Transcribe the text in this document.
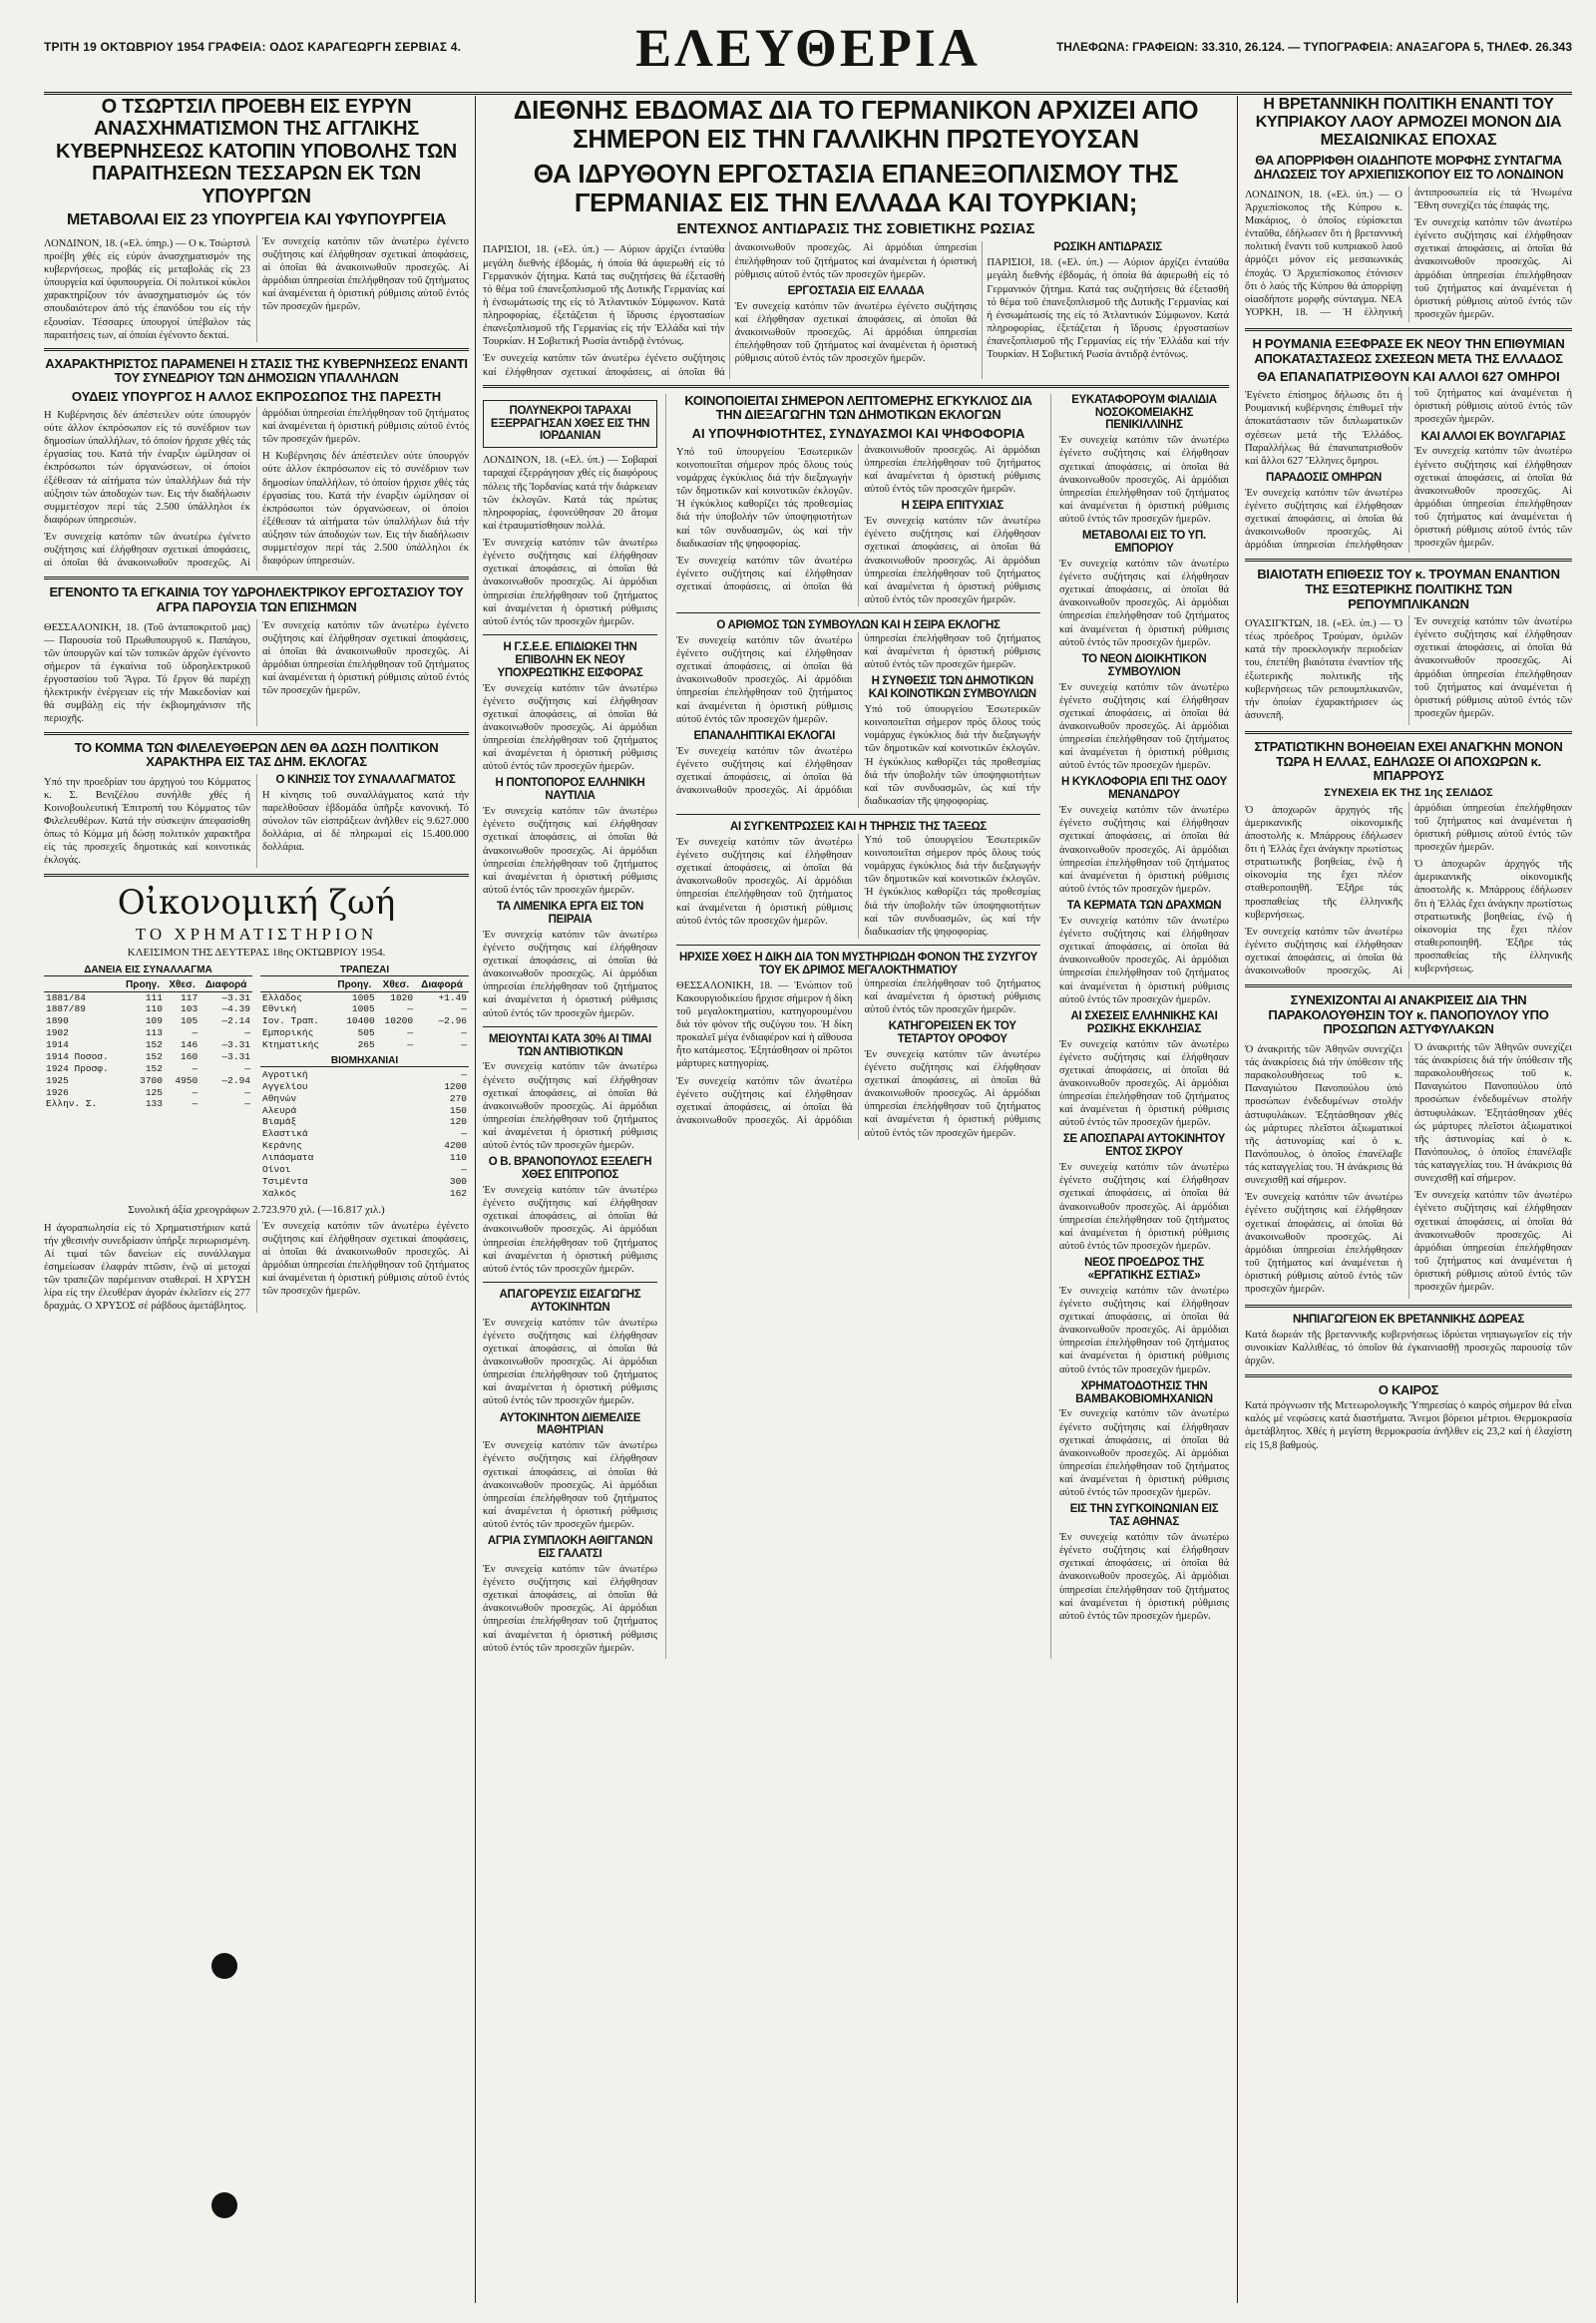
ΤΡΙΤΗ 19 ΟΚΤΩΒΡΙΟΥ 1954 ΓΡΑΦΕΙΑ: ΟΔΟΣ ΚΑΡΑΓΕΩΡΓΗ ΣΕΡΒΙΑΣ 4.	ΕΛΕΥΘΕΡΙΑ	ΤΗΛΕΦΩΝΑ: ΓΡΑΦΕΙΩΝ: 33.310, 26.124. — ΤΥΠΟΓΡΑΦΕΙΑ: ΑΝΑΞΑΓΟΡΑ 5, ΤΗΛΕΦ. 26.343
Ο ΤΣΩΡΤΣΙΛ ΠΡΟΕΒΗ ΕΙΣ ΕΥΡΥΝ ΑΝΑΣΧΗΜΑΤΙΣΜΟΝ ΤΗΣ ΑΓΓΛΙΚΗΣ ΚΥΒΕΡΝΗΣΕΩΣ ΚΑΤΟΠΙΝ ΥΠΟΒΟΛΗΣ ΤΩΝ ΠΑΡΑΙΤΗΣΕΩΝ ΤΕΣΣΑΡΩΝ ΕΚ ΤΩΝ ΥΠΟΥΡΓΩΝ
ΜΕΤΑΒΟΛΑΙ ΕΙΣ 23 ΥΠΟΥΡΓΕΙΑ ΚΑΙ ΥΦΥΠΟΥΡΓΕΙΑ

ΛΟΝΔΙΝΟΝ, 18. («Ελ. ύπηρ.) — Ο κ. Τσώρτσιλ προέβη χθές είς εύρύν άνασχηματισμόν της κυβερνήσεως, προβάς είς μεταβολάς είς 23 ύπουργεία καί ύφυπουργεία. Οί πολιτικοί κύκλοι χαρακτηρίζουν τόν άνασχηματισμόν ώς τόν σπουδαιότερον άπό τής έπανόδου του είς τήν εξουσίαν. Τέσσαρες ύπουργοί ύπέβαλον τάς παραιτήσεις των, αί όποίαι έγένοντο δεκταί.

Ἐν συνεχείᾳ κατόπιν τῶν ἀνωτέρω ἐγένετο συζήτησις καί ἐλήφθησαν σχετικαί ἀποφάσεις, αἱ ὁποῖαι θά ἀνακοινωθοῦν προσεχῶς. Αἱ ἁρμόδιαι ὑπηρεσίαι ἐπελήφθησαν τοῦ ζητήματος καί ἀναμένεται ἡ ὁριστική ρύθμισις αὐτοῦ ἐντός τῶν προσεχῶν ἡμερῶν.

ΑΧΑΡΑΚΤΗΡΙΣΤΟΣ ΠΑΡΑΜΕΝΕΙ Η ΣΤΑΣΙΣ ΤΗΣ ΚΥΒΕΡΝΗΣΕΩΣ ΕΝΑΝΤΙ ΤΟΥ ΣΥΝΕΔΡΙΟΥ ΤΩΝ ΔΗΜΟΣΙΩΝ ΥΠΑΛΛΗΛΩΝ
ΟΥΔΕΙΣ ΥΠΟΥΡΓΟΣ Η ΑΛΛΟΣ ΕΚΠΡΟΣΩΠΟΣ ΤΗΣ ΠΑΡΕΣΤΗ

Η Κυβέρνησις δέν άπέστειλεν ούτε ύπουργόν ούτε άλλον έκπρόσωπον είς τό συνέδριον των δημοσίων ύπαλλήλων, τό όποίον ήρχισε χθές τάς έργασίας του. Κατά τήν έναρξιν ώμίλησαν οί έκπρόσωποι τών όργανώσεων, οί όποίοι έξέθεσαν τά αίτήματα τών ύπαλλήλων διά τήν αύξησιν τών άποδοχών των. Εις τήν διαδήλωσιν συμμετέσχον περί τάς 2.500 ύπάλληλοι έκ διαφόρων ύπηρεσιών.

Ἐν συνεχείᾳ κατόπιν τῶν ἀνωτέρω ἐγένετο συζήτησις καί ἐλήφθησαν σχετικαί ἀποφάσεις, αἱ ὁποῖαι θά ἀνακοινωθοῦν προσεχῶς. Αἱ ἁρμόδιαι ὑπηρεσίαι ἐπελήφθησαν τοῦ ζητήματος καί ἀναμένεται ἡ ὁριστική ρύθμισις αὐτοῦ ἐντός τῶν προσεχῶν ἡμερῶν.

Η Κυβέρνησις δέν άπέστειλεν ούτε ύπουργόν ούτε άλλον έκπρόσωπον είς τό συνέδριον των δημοσίων ύπαλλήλων, τό όποίον ήρχισε χθές τάς έργασίας του. Κατά τήν έναρξιν ώμίλησαν οί έκπρόσωποι τών όργανώσεων, οί όποίοι έξέθεσαν τά αίτήματα τών ύπαλλήλων διά τήν αύξησιν τών άποδοχών των. Εις τήν διαδήλωσιν συμμετέσχον περί τάς 2.500 ύπάλληλοι έκ διαφόρων ύπηρεσιών.

ΕΓΕΝΟΝΤΟ ΤΑ ΕΓΚΑΙΝΙΑ ΤΟΥ ΥΔΡΟΗΛΕΚΤΡΙΚΟΥ ΕΡΓΟΣΤΑΣΙΟΥ ΤΟΥ ΑΓΡΑ ΠΑΡΟΥΣΙΑ ΤΩΝ ΕΠΙΣΗΜΩΝ

ΘΕΣΣΑΛΟΝΙΚΗ, 18. (Τοῦ ἀνταποκριτοῦ μας) — Παρουσία τοῦ Πρωθυπουργοῦ κ. Παπάγου, τῶν ὑπουργῶν καί τῶν τοπικῶν ἀρχῶν ἐγένοντο σήμερον τά ἐγκαίνια τοῦ ὑδροηλεκτρικοῦ ἐργοστασίου τοῦ Ἄγρα. Τό ἔργον θά παρέχῃ ἠλεκτρικήν ἐνέργειαν εἰς τήν Μακεδονίαν καί θά συμβάλῃ εἰς τήν ἐκβιομηχάνισιν τῆς περιοχῆς.

Ἐν συνεχείᾳ κατόπιν τῶν ἀνωτέρω ἐγένετο συζήτησις καί ἐλήφθησαν σχετικαί ἀποφάσεις, αἱ ὁποῖαι θά ἀνακοινωθοῦν προσεχῶς. Αἱ ἁρμόδιαι ὑπηρεσίαι ἐπελήφθησαν τοῦ ζητήματος καί ἀναμένεται ἡ ὁριστική ρύθμισις αὐτοῦ ἐντός τῶν προσεχῶν ἡμερῶν.

ΤΟ ΚΟΜΜΑ ΤΩΝ ΦΙΛΕΛΕΥΘΕΡΩΝ ΔΕΝ ΘΑ ΔΩΣΗ ΠΟΛΙΤΙΚΟΝ ΧΑΡΑΚΤΗΡΑ ΕΙΣ ΤΑΣ ΔΗΜ. ΕΚΛΟΓΑΣ

Υπό την προεδρίαν του άρχηγού του Κόμματος κ. Σ. Βενιζέλου συνήλθε χθές ή Κοινοβουλευτική Έπιτροπή του Κόμματος τῶν Φιλελευθέρων. Κατά τήν σύσκεψιν άπεφασίσθη όπως τό Κόμμα μή δώσῃ πολιτικόν χαρακτῆρα είς τάς προσεχεῖς δημοτικάς καί κοινοτικάς ἐκλογάς.

Ο ΚΙΝΗΣΙΣ ΤΟΥ ΣΥΝΑΛΛΑΓΜΑΤΟΣ

Η κίνησις τοῦ συναλλάγματος κατά τήν παρελθοῦσαν ἑβδομάδα ὑπῆρξε κανονική. Τό σύνολον τῶν εἰσπράξεων ἀνῆλθεν εἰς 9.627.000 δολλάρια, αἱ δέ πληρωμαί εἰς 15.400.000 δολλάρια.

Οἰκονομική ζωή
ΤΟ ΧΡΗΜΑΤΙΣΤΗΡΙΟΝ
ΚΛΕΙΣΙΜΟΝ ΤΗΣ ΔΕΥΤΕΡΑΣ 18ης ΟΚΤΩΒΡΙΟΥ 1954.
ΔΑΝΕΙΑ ΕΙΣ ΣΥΝΑΛΛΑΓΜΑ
	Προηγ.	Χθεσ.	Διαφορά
1881/84	111	117	—3.31
1887/89	110	103	—4.39
1890	109	105	—2.14
1902	113	—	—
1914	152	146	—3.31
1914 Ποσοσ.	152	160	—3.31
1924 Προσφ.	152	—	—
1925	3700	4950	—2.94
1926	125	—	—
Ελλην. Σ.	133	—	—
ΤΡΑΠΕΖΑΙ
	Προηγ.	Χθεσ.	Διαφορά
Ελλάδος	1005	1020	+1.49
Εθνική	1005	—	—
Ιον. Τραπ.	10400	10200	—2.96
Εμπορικής	505	—	—
Κτηματικής	265	—	—
ΒΙΟΜΗΧΑΝΙΑΙ
Αγροτική	—
Αγγελίου	1200
Αθηνών	270
Αλευρά	150
Βιαμάξ	120
Ελαστικά	—
Κεράνης	4200
Λιπάσματα	110
Οίνοι	—
Τσιμέντα	300
Χαλκός	162
Συνολική άξία χρεογράφων 2.723.970 χιλ. (—16.817 χιλ.)

Η άγοραπωλησία είς τό Χρηματιστήριον κατά τήν χθεσινήν συνεδρίασιν ύπήρξε περιωρισμένη. Αί τιμαί τῶν δανείων είς συνάλλαγμα ἐσημείωσαν ἐλαφράν πτῶσιν, ἐνῷ αἱ μετοχαί τῶν τραπεζῶν παρέμειναν σταθεραί. Η ΧΡΥΣΗ λίρα είς την έλευθέραν ἀγοράν ἐκλεῖσεν είς 277 δραχμάς. Ο ΧΡΥΣΟΣ σέ ράβδους ἀμετάβλητος.

Ἐν συνεχείᾳ κατόπιν τῶν ἀνωτέρω ἐγένετο συζήτησις καί ἐλήφθησαν σχετικαί ἀποφάσεις, αἱ ὁποῖαι θά ἀνακοινωθοῦν προσεχῶς. Αἱ ἁρμόδιαι ὑπηρεσίαι ἐπελήφθησαν τοῦ ζητήματος καί ἀναμένεται ἡ ὁριστική ρύθμισις αὐτοῦ ἐντός τῶν προσεχῶν ἡμερῶν.

ΔΙΕΘΝΗΣ ΕΒΔΟΜΑΣ ΔΙΑ ΤΟ ΓΕΡΜΑΝΙΚΟΝ ΑΡΧΙΖΕΙ ΑΠΟ ΣΗΜΕΡΟΝ ΕΙΣ ΤΗΝ ΓΑΛΛΙΚΗΝ ΠΡΩΤΕΥΟΥΣΑΝ
ΘΑ ΙΔΡΥΘΟΥΝ ΕΡΓΟΣΤΑΣΙΑ ΕΠΑΝΕΞΟΠΛΙΣΜΟΥ ΤΗΣ ΓΕΡΜΑΝΙΑΣ ΕΙΣ ΤΗΝ ΕΛΛΑΔΑ ΚΑΙ ΤΟΥΡΚΙΑΝ;
ΕΝΤΕΧΝΟΣ ΑΝΤΙΔΡΑΣΙΣ ΤΗΣ ΣΟΒΙΕΤΙΚΗΣ ΡΩΣΙΑΣ

ΠΑΡΙΣΙΟΙ, 18. («Ελ. ύπ.) — Αύριον άρχίζει ένταύθα μεγάλη διεθνής έβδομάς, ή όποία θά άφιερωθή είς τό Γερμανικόν ζήτημα. Κατά τας συζητήσεις θά έξετασθή τό θέμα τοῦ ἐπανεξοπλισμοῦ τῆς Δυτικῆς Γερμανίας καί ἡ ἐνσωμάτωσίς της είς τό Ἀτλαντικόν Σύμφωνον. Κατά πληροφορίας, ἐξετάζεται ἡ ἵδρυσις ἐργοστασίων ἐπανεξοπλισμοῦ τῆς Γερμανίας εἰς τήν Ἑλλάδα καί τήν Τουρκίαν. Η Σοβιετική Ρωσία ἀντιδρᾷ ἐντόνως.

Ἐν συνεχείᾳ κατόπιν τῶν ἀνωτέρω ἐγένετο συζήτησις καί ἐλήφθησαν σχετικαί ἀποφάσεις, αἱ ὁποῖαι θά ἀνακοινωθοῦν προσεχῶς. Αἱ ἁρμόδιαι ὑπηρεσίαι ἐπελήφθησαν τοῦ ζητήματος καί ἀναμένεται ἡ ὁριστική ρύθμισις αὐτοῦ ἐντός τῶν προσεχῶν ἡμερῶν.

ΕΡΓΟΣΤΑΣΙΑ ΕΙΣ ΕΛΛΑΔΑ

Ἐν συνεχείᾳ κατόπιν τῶν ἀνωτέρω ἐγένετο συζήτησις καί ἐλήφθησαν σχετικαί ἀποφάσεις, αἱ ὁποῖαι θά ἀνακοινωθοῦν προσεχῶς. Αἱ ἁρμόδιαι ὑπηρεσίαι ἐπελήφθησαν τοῦ ζητήματος καί ἀναμένεται ἡ ὁριστική ρύθμισις αὐτοῦ ἐντός τῶν προσεχῶν ἡμερῶν.

ΡΩΣΙΚΗ ΑΝΤΙΔΡΑΣΙΣ

ΠΑΡΙΣΙΟΙ, 18. («Ελ. ύπ.) — Αύριον άρχίζει ένταύθα μεγάλη διεθνής έβδομάς, ή όποία θά άφιερωθή είς τό Γερμανικόν ζήτημα. Κατά τας συζητήσεις θά έξετασθή τό θέμα τοῦ ἐπανεξοπλισμοῦ τῆς Δυτικῆς Γερμανίας καί ἡ ἐνσωμάτωσίς της είς τό Ἀτλαντικόν Σύμφωνον. Κατά πληροφορίας, ἐξετάζεται ἡ ἵδρυσις ἐργοστασίων ἐπανεξοπλισμοῦ τῆς Γερμανίας εἰς τήν Ἑλλάδα καί τήν Τουρκίαν. Η Σοβιετική Ρωσία ἀντιδρᾷ ἐντόνως.

ΠΟΛΥΝΕΚΡΟΙ ΤΑΡΑΧΑΙ ΕΞΕΡΡΑΓΗΣΑΝ ΧΘΕΣ ΕΙΣ ΤΗΝ ΙΟΡΔΑΝΙΑΝ

ΛΟΝΔΙΝΟΝ, 18. («Ελ. ύπ.) — Σοβαραί ταραχαί έξερράγησαν χθές είς διαφόρους πόλεις τῆς Ἰορδανίας κατά τήν διάρκειαν τῶν ἐκλογῶν. Κατά τάς πρώτας πληροφορίας, ἐφονεύθησαν 20 ἄτομα καί ἐτραυματίσθησαν πολλά.

Ἐν συνεχείᾳ κατόπιν τῶν ἀνωτέρω ἐγένετο συζήτησις καί ἐλήφθησαν σχετικαί ἀποφάσεις, αἱ ὁποῖαι θά ἀνακοινωθοῦν προσεχῶς. Αἱ ἁρμόδιαι ὑπηρεσίαι ἐπελήφθησαν τοῦ ζητήματος καί ἀναμένεται ἡ ὁριστική ρύθμισις αὐτοῦ ἐντός τῶν προσεχῶν ἡμερῶν.

Η Γ.Σ.Ε.Ε. ΕΠΙΔΙΩΚΕΙ ΤΗΝ ΕΠΙΒΟΛΗΝ ΕΚ ΝΕΟΥ ΥΠΟΧΡΕΩΤΙΚΗΣ ΕΙΣΦΟΡΑΣ

Ἐν συνεχείᾳ κατόπιν τῶν ἀνωτέρω ἐγένετο συζήτησις καί ἐλήφθησαν σχετικαί ἀποφάσεις, αἱ ὁποῖαι θά ἀνακοινωθοῦν προσεχῶς. Αἱ ἁρμόδιαι ὑπηρεσίαι ἐπελήφθησαν τοῦ ζητήματος καί ἀναμένεται ἡ ὁριστική ρύθμισις αὐτοῦ ἐντός τῶν προσεχῶν ἡμερῶν.

Η ΠΟΝΤΟΠΟΡΟΣ ΕΛΛΗΝΙΚΗ ΝΑΥΤΙΛΙΑ

Ἐν συνεχείᾳ κατόπιν τῶν ἀνωτέρω ἐγένετο συζήτησις καί ἐλήφθησαν σχετικαί ἀποφάσεις, αἱ ὁποῖαι θά ἀνακοινωθοῦν προσεχῶς. Αἱ ἁρμόδιαι ὑπηρεσίαι ἐπελήφθησαν τοῦ ζητήματος καί ἀναμένεται ἡ ὁριστική ρύθμισις αὐτοῦ ἐντός τῶν προσεχῶν ἡμερῶν.

ΤΑ ΛΙΜΕΝΙΚΑ ΕΡΓΑ ΕΙΣ ΤΟΝ ΠΕΙΡΑΙΑ

Ἐν συνεχείᾳ κατόπιν τῶν ἀνωτέρω ἐγένετο συζήτησις καί ἐλήφθησαν σχετικαί ἀποφάσεις, αἱ ὁποῖαι θά ἀνακοινωθοῦν προσεχῶς. Αἱ ἁρμόδιαι ὑπηρεσίαι ἐπελήφθησαν τοῦ ζητήματος καί ἀναμένεται ἡ ὁριστική ρύθμισις αὐτοῦ ἐντός τῶν προσεχῶν ἡμερῶν.

ΜΕΙΟΥΝΤΑΙ ΚΑΤΑ 30% ΑΙ ΤΙΜΑΙ ΤΩΝ ΑΝΤΙΒΙΟΤΙΚΩΝ

Ἐν συνεχείᾳ κατόπιν τῶν ἀνωτέρω ἐγένετο συζήτησις καί ἐλήφθησαν σχετικαί ἀποφάσεις, αἱ ὁποῖαι θά ἀνακοινωθοῦν προσεχῶς. Αἱ ἁρμόδιαι ὑπηρεσίαι ἐπελήφθησαν τοῦ ζητήματος καί ἀναμένεται ἡ ὁριστική ρύθμισις αὐτοῦ ἐντός τῶν προσεχῶν ἡμερῶν.

Ο Β. ΒΡΑΝΟΠΟΥΛΟΣ ΕΞΕΛΕΓΗ ΧΘΕΣ ΕΠΙΤΡΟΠΟΣ

Ἐν συνεχείᾳ κατόπιν τῶν ἀνωτέρω ἐγένετο συζήτησις καί ἐλήφθησαν σχετικαί ἀποφάσεις, αἱ ὁποῖαι θά ἀνακοινωθοῦν προσεχῶς. Αἱ ἁρμόδιαι ὑπηρεσίαι ἐπελήφθησαν τοῦ ζητήματος καί ἀναμένεται ἡ ὁριστική ρύθμισις αὐτοῦ ἐντός τῶν προσεχῶν ἡμερῶν.

ΑΠΑΓΟΡΕΥΣΙΣ ΕΙΣΑΓΩΓΗΣ ΑΥΤΟΚΙΝΗΤΩΝ

Ἐν συνεχείᾳ κατόπιν τῶν ἀνωτέρω ἐγένετο συζήτησις καί ἐλήφθησαν σχετικαί ἀποφάσεις, αἱ ὁποῖαι θά ἀνακοινωθοῦν προσεχῶς. Αἱ ἁρμόδιαι ὑπηρεσίαι ἐπελήφθησαν τοῦ ζητήματος καί ἀναμένεται ἡ ὁριστική ρύθμισις αὐτοῦ ἐντός τῶν προσεχῶν ἡμερῶν.

ΑΥΤΟΚΙΝΗΤΟΝ ΔΙΕΜΕΛΙΣΕ ΜΑΘΗΤΡΙΑΝ

Ἐν συνεχείᾳ κατόπιν τῶν ἀνωτέρω ἐγένετο συζήτησις καί ἐλήφθησαν σχετικαί ἀποφάσεις, αἱ ὁποῖαι θά ἀνακοινωθοῦν προσεχῶς. Αἱ ἁρμόδιαι ὑπηρεσίαι ἐπελήφθησαν τοῦ ζητήματος καί ἀναμένεται ἡ ὁριστική ρύθμισις αὐτοῦ ἐντός τῶν προσεχῶν ἡμερῶν.

ΑΓΡΙΑ ΣΥΜΠΛΟΚΗ ΑΘΙΓΓΑΝΩΝ ΕΙΣ ΓΑΛΑΤΣΙ

Ἐν συνεχείᾳ κατόπιν τῶν ἀνωτέρω ἐγένετο συζήτησις καί ἐλήφθησαν σχετικαί ἀποφάσεις, αἱ ὁποῖαι θά ἀνακοινωθοῦν προσεχῶς. Αἱ ἁρμόδιαι ὑπηρεσίαι ἐπελήφθησαν τοῦ ζητήματος καί ἀναμένεται ἡ ὁριστική ρύθμισις αὐτοῦ ἐντός τῶν προσεχῶν ἡμερῶν.

ΚΟΙΝΟΠΟΙΕΙΤΑΙ ΣΗΜΕΡΟΝ ΛΕΠΤΟΜΕΡΗΣ ΕΓΚΥΚΛΙΟΣ ΔΙΑ ΤΗΝ ΔΙΕΞΑΓΩΓΗΝ ΤΩΝ ΔΗΜΟΤΙΚΩΝ ΕΚΛΟΓΩΝ
ΑΙ ΥΠΟΨΗΦΙΟΤΗΤΕΣ, ΣΥΝΔΥΑΣΜΟΙ ΚΑΙ ΨΗΦΟΦΟΡΙΑ

Υπό τοῦ ὑπουργείου Ἐσωτερικῶν κοινοποιεῖται σήμερον πρός ὅλους τούς νομάρχας ἐγκύκλιος διά τήν διεξαγωγήν τῶν δημοτικῶν καί κοινοτικῶν ἐκλογῶν. Ἡ ἐγκύκλιος καθορίζει τάς προθεσμίας διά τήν ὑποβολήν τῶν ὑποψηφιοτήτων καί τῶν συνδυασμῶν, ὡς καί τήν διαδικασίαν τῆς ψηφοφορίας.

Ἐν συνεχείᾳ κατόπιν τῶν ἀνωτέρω ἐγένετο συζήτησις καί ἐλήφθησαν σχετικαί ἀποφάσεις, αἱ ὁποῖαι θά ἀνακοινωθοῦν προσεχῶς. Αἱ ἁρμόδιαι ὑπηρεσίαι ἐπελήφθησαν τοῦ ζητήματος καί ἀναμένεται ἡ ὁριστική ρύθμισις αὐτοῦ ἐντός τῶν προσεχῶν ἡμερῶν.

Η ΣΕΙΡΑ ΕΠΙΤΥΧΙΑΣ

Ἐν συνεχείᾳ κατόπιν τῶν ἀνωτέρω ἐγένετο συζήτησις καί ἐλήφθησαν σχετικαί ἀποφάσεις, αἱ ὁποῖαι θά ἀνακοινωθοῦν προσεχῶς. Αἱ ἁρμόδιαι ὑπηρεσίαι ἐπελήφθησαν τοῦ ζητήματος καί ἀναμένεται ἡ ὁριστική ρύθμισις αὐτοῦ ἐντός τῶν προσεχῶν ἡμερῶν.

Ο ΑΡΙΘΜΟΣ ΤΩΝ ΣΥΜΒΟΥΛΩΝ ΚΑΙ Η ΣΕΙΡΑ ΕΚΛΟΓΗΣ

Ἐν συνεχείᾳ κατόπιν τῶν ἀνωτέρω ἐγένετο συζήτησις καί ἐλήφθησαν σχετικαί ἀποφάσεις, αἱ ὁποῖαι θά ἀνακοινωθοῦν προσεχῶς. Αἱ ἁρμόδιαι ὑπηρεσίαι ἐπελήφθησαν τοῦ ζητήματος καί ἀναμένεται ἡ ὁριστική ρύθμισις αὐτοῦ ἐντός τῶν προσεχῶν ἡμερῶν.

ΕΠΑΝΑΛΗΠΤΙΚΑΙ ΕΚΛΟΓΑΙ

Ἐν συνεχείᾳ κατόπιν τῶν ἀνωτέρω ἐγένετο συζήτησις καί ἐλήφθησαν σχετικαί ἀποφάσεις, αἱ ὁποῖαι θά ἀνακοινωθοῦν προσεχῶς. Αἱ ἁρμόδιαι ὑπηρεσίαι ἐπελήφθησαν τοῦ ζητήματος καί ἀναμένεται ἡ ὁριστική ρύθμισις αὐτοῦ ἐντός τῶν προσεχῶν ἡμερῶν.

Η ΣΥΝΘΕΣΙΣ ΤΩΝ ΔΗΜΟΤΙΚΩΝ ΚΑΙ ΚΟΙΝΟΤΙΚΩΝ ΣΥΜΒΟΥΛΙΩΝ

Υπό τοῦ ὑπουργείου Ἐσωτερικῶν κοινοποιεῖται σήμερον πρός ὅλους τούς νομάρχας ἐγκύκλιος διά τήν διεξαγωγήν τῶν δημοτικῶν καί κοινοτικῶν ἐκλογῶν. Ἡ ἐγκύκλιος καθορίζει τάς προθεσμίας διά τήν ὑποβολήν τῶν ὑποψηφιοτήτων καί τῶν συνδυασμῶν, ὡς καί τήν διαδικασίαν τῆς ψηφοφορίας.

ΑΙ ΣΥΓΚΕΝΤΡΩΣΕΙΣ ΚΑΙ Η ΤΗΡΗΣΙΣ ΤΗΣ ΤΑΞΕΩΣ

Ἐν συνεχείᾳ κατόπιν τῶν ἀνωτέρω ἐγένετο συζήτησις καί ἐλήφθησαν σχετικαί ἀποφάσεις, αἱ ὁποῖαι θά ἀνακοινωθοῦν προσεχῶς. Αἱ ἁρμόδιαι ὑπηρεσίαι ἐπελήφθησαν τοῦ ζητήματος καί ἀναμένεται ἡ ὁριστική ρύθμισις αὐτοῦ ἐντός τῶν προσεχῶν ἡμερῶν.

Υπό τοῦ ὑπουργείου Ἐσωτερικῶν κοινοποιεῖται σήμερον πρός ὅλους τούς νομάρχας ἐγκύκλιος διά τήν διεξαγωγήν τῶν δημοτικῶν καί κοινοτικῶν ἐκλογῶν. Ἡ ἐγκύκλιος καθορίζει τάς προθεσμίας διά τήν ὑποβολήν τῶν ὑποψηφιοτήτων καί τῶν συνδυασμῶν, ὡς καί τήν διαδικασίαν τῆς ψηφοφορίας.

ΗΡΧΙΣΕ ΧΘΕΣ Η ΔΙΚΗ ΔΙΑ ΤΟΝ ΜΥΣΤΗΡΙΩΔΗ ΦΟΝΟΝ ΤΗΣ ΣΥΖΥΓΟΥ ΤΟΥ ΕΚ ΔΡΙΜΟΣ ΜΕΓΑΛΟΚΤΗΜΑΤΙΟΥ

ΘΕΣΣΑΛΟΝΙΚΗ, 18. — Ἐνώπιον τοῦ Κακουργιοδικείου ἤρχισε σήμερον ἡ δίκη τοῦ μεγαλοκτηματίου, κατηγορουμένου διά τόν φόνον τῆς συζύγου του. Ἡ δίκη προκαλεῖ μέγα ἐνδιαφέρον καί ἡ αἴθουσα ἦτο κατάμεστος. Ἐξητάσθησαν οἱ πρῶτοι μάρτυρες κατηγορίας.

Ἐν συνεχείᾳ κατόπιν τῶν ἀνωτέρω ἐγένετο συζήτησις καί ἐλήφθησαν σχετικαί ἀποφάσεις, αἱ ὁποῖαι θά ἀνακοινωθοῦν προσεχῶς. Αἱ ἁρμόδιαι ὑπηρεσίαι ἐπελήφθησαν τοῦ ζητήματος καί ἀναμένεται ἡ ὁριστική ρύθμισις αὐτοῦ ἐντός τῶν προσεχῶν ἡμερῶν.

ΚΑΤΗΓΟΡΕΙΣΕΝ ΕΚ ΤΟΥ ΤΕΤΑΡΤΟΥ ΟΡΟΦΟΥ

Ἐν συνεχείᾳ κατόπιν τῶν ἀνωτέρω ἐγένετο συζήτησις καί ἐλήφθησαν σχετικαί ἀποφάσεις, αἱ ὁποῖαι θά ἀνακοινωθοῦν προσεχῶς. Αἱ ἁρμόδιαι ὑπηρεσίαι ἐπελήφθησαν τοῦ ζητήματος καί ἀναμένεται ἡ ὁριστική ρύθμισις αὐτοῦ ἐντός τῶν προσεχῶν ἡμερῶν.

ΕΥΚΑΤΑΦΟΡΟΥΜ ΦΙΑΛΙΔΙΑ ΝΟΣΟΚΟΜΕΙΑΚΗΣ ΠΕΝΙΚΙΛΛΙΝΗΣ

Ἐν συνεχείᾳ κατόπιν τῶν ἀνωτέρω ἐγένετο συζήτησις καί ἐλήφθησαν σχετικαί ἀποφάσεις, αἱ ὁποῖαι θά ἀνακοινωθοῦν προσεχῶς. Αἱ ἁρμόδιαι ὑπηρεσίαι ἐπελήφθησαν τοῦ ζητήματος καί ἀναμένεται ἡ ὁριστική ρύθμισις αὐτοῦ ἐντός τῶν προσεχῶν ἡμερῶν.

ΜΕΤΑΒΟΛΑΙ ΕΙΣ ΤΟ ΥΠ. ΕΜΠΟΡΙΟΥ

Ἐν συνεχείᾳ κατόπιν τῶν ἀνωτέρω ἐγένετο συζήτησις καί ἐλήφθησαν σχετικαί ἀποφάσεις, αἱ ὁποῖαι θά ἀνακοινωθοῦν προσεχῶς. Αἱ ἁρμόδιαι ὑπηρεσίαι ἐπελήφθησαν τοῦ ζητήματος καί ἀναμένεται ἡ ὁριστική ρύθμισις αὐτοῦ ἐντός τῶν προσεχῶν ἡμερῶν.

ΤΟ ΝΕΟΝ ΔΙΟΙΚΗΤΙΚΟΝ ΣΥΜΒΟΥΛΙΟΝ

Ἐν συνεχείᾳ κατόπιν τῶν ἀνωτέρω ἐγένετο συζήτησις καί ἐλήφθησαν σχετικαί ἀποφάσεις, αἱ ὁποῖαι θά ἀνακοινωθοῦν προσεχῶς. Αἱ ἁρμόδιαι ὑπηρεσίαι ἐπελήφθησαν τοῦ ζητήματος καί ἀναμένεται ἡ ὁριστική ρύθμισις αὐτοῦ ἐντός τῶν προσεχῶν ἡμερῶν.

Η ΚΥΚΛΟΦΟΡΙΑ ΕΠΙ ΤΗΣ ΟΔΟΥ ΜΕΝΑΝΔΡΟΥ

Ἐν συνεχείᾳ κατόπιν τῶν ἀνωτέρω ἐγένετο συζήτησις καί ἐλήφθησαν σχετικαί ἀποφάσεις, αἱ ὁποῖαι θά ἀνακοινωθοῦν προσεχῶς. Αἱ ἁρμόδιαι ὑπηρεσίαι ἐπελήφθησαν τοῦ ζητήματος καί ἀναμένεται ἡ ὁριστική ρύθμισις αὐτοῦ ἐντός τῶν προσεχῶν ἡμερῶν.

ΤΑ ΚΕΡΜΑΤΑ ΤΩΝ ΔΡΑΧΜΩΝ

Ἐν συνεχείᾳ κατόπιν τῶν ἀνωτέρω ἐγένετο συζήτησις καί ἐλήφθησαν σχετικαί ἀποφάσεις, αἱ ὁποῖαι θά ἀνακοινωθοῦν προσεχῶς. Αἱ ἁρμόδιαι ὑπηρεσίαι ἐπελήφθησαν τοῦ ζητήματος καί ἀναμένεται ἡ ὁριστική ρύθμισις αὐτοῦ ἐντός τῶν προσεχῶν ἡμερῶν.

ΑΙ ΣΧΕΣΕΙΣ ΕΛΛΗΝΙΚΗΣ ΚΑΙ ΡΩΣΙΚΗΣ ΕΚΚΛΗΣΙΑΣ

Ἐν συνεχείᾳ κατόπιν τῶν ἀνωτέρω ἐγένετο συζήτησις καί ἐλήφθησαν σχετικαί ἀποφάσεις, αἱ ὁποῖαι θά ἀνακοινωθοῦν προσεχῶς. Αἱ ἁρμόδιαι ὑπηρεσίαι ἐπελήφθησαν τοῦ ζητήματος καί ἀναμένεται ἡ ὁριστική ρύθμισις αὐτοῦ ἐντός τῶν προσεχῶν ἡμερῶν.

ΣΕ ΑΠΟΣΠΑΡΑΙ ΑΥΤΟΚΙΝΗΤΟΥ ΕΝΤΟΣ ΣΚΡΟΥ

Ἐν συνεχείᾳ κατόπιν τῶν ἀνωτέρω ἐγένετο συζήτησις καί ἐλήφθησαν σχετικαί ἀποφάσεις, αἱ ὁποῖαι θά ἀνακοινωθοῦν προσεχῶς. Αἱ ἁρμόδιαι ὑπηρεσίαι ἐπελήφθησαν τοῦ ζητήματος καί ἀναμένεται ἡ ὁριστική ρύθμισις αὐτοῦ ἐντός τῶν προσεχῶν ἡμερῶν.

ΝΕΟΣ ΠΡΟΕΔΡΟΣ ΤΗΣ «ΕΡΓΑΤΙΚΗΣ ΕΣΤΙΑΣ»

Ἐν συνεχείᾳ κατόπιν τῶν ἀνωτέρω ἐγένετο συζήτησις καί ἐλήφθησαν σχετικαί ἀποφάσεις, αἱ ὁποῖαι θά ἀνακοινωθοῦν προσεχῶς. Αἱ ἁρμόδιαι ὑπηρεσίαι ἐπελήφθησαν τοῦ ζητήματος καί ἀναμένεται ἡ ὁριστική ρύθμισις αὐτοῦ ἐντός τῶν προσεχῶν ἡμερῶν.

ΧΡΗΜΑΤΟΔΟΤΗΣΙΣ ΤΗΝ ΒΑΜΒΑΚΟΒΙΟΜΗΧΑΝΙΩΝ

Ἐν συνεχείᾳ κατόπιν τῶν ἀνωτέρω ἐγένετο συζήτησις καί ἐλήφθησαν σχετικαί ἀποφάσεις, αἱ ὁποῖαι θά ἀνακοινωθοῦν προσεχῶς. Αἱ ἁρμόδιαι ὑπηρεσίαι ἐπελήφθησαν τοῦ ζητήματος καί ἀναμένεται ἡ ὁριστική ρύθμισις αὐτοῦ ἐντός τῶν προσεχῶν ἡμερῶν.

ΕΙΣ ΤΗΝ ΣΥΓΚΟΙΝΩΝΙΑΝ ΕΙΣ ΤΑΣ ΑΘΗΝΑΣ

Ἐν συνεχείᾳ κατόπιν τῶν ἀνωτέρω ἐγένετο συζήτησις καί ἐλήφθησαν σχετικαί ἀποφάσεις, αἱ ὁποῖαι θά ἀνακοινωθοῦν προσεχῶς. Αἱ ἁρμόδιαι ὑπηρεσίαι ἐπελήφθησαν τοῦ ζητήματος καί ἀναμένεται ἡ ὁριστική ρύθμισις αὐτοῦ ἐντός τῶν προσεχῶν ἡμερῶν.

Η ΒΡΕΤΑΝΝΙΚΗ ΠΟΛΙΤΙΚΗ ΕΝΑΝΤΙ ΤΟΥ ΚΥΠΡΙΑΚΟΥ ΛΑΟΥ ΑΡΜΟΖΕΙ ΜΟΝΟΝ ΔΙΑ ΜΕΣΑΙΩΝΙΚΑΣ ΕΠΟΧΑΣ
ΘΑ ΑΠΟΡΡΙΦΘΗ ΟΙΑΔΗΠΟΤΕ ΜΟΡΦΗΣ ΣΥΝΤΑΓΜΑ ΔΗΛΩΣΕΙΣ ΤΟΥ ΑΡΧΙΕΠΙΣΚΟΠΟΥ ΕΙΣ ΤΟ ΛΟΝΔΙΝΟΝ

ΛΟΝΔΙΝΟΝ, 18. («Ελ. ύπ.) — Ο Ἀρχιεπίσκοπος τῆς Κύπρου κ. Μακάριος, ὁ ὁποῖος εὑρίσκεται ἐνταῦθα, ἐδήλωσεν ὅτι ἡ βρεταννική πολιτική ἔναντι τοῦ κυπριακοῦ λαοῦ ἁρμόζει μόνον εἰς μεσαιωνικάς ἐποχάς. Ὁ Ἀρχιεπίσκοπος ἐτόνισεν ὅτι ὁ λαός τῆς Κύπρου θά ἀπορρίψῃ οἱασδήποτε μορφῆς σύνταγμα. ΝΕΑ ΥΟΡΚΗ, 18. — Ἡ ἑλληνική ἀντιπροσωπεία εἰς τά Ἡνωμένα Ἔθνη συνεχίζει τάς ἐπαφάς της.

Ἐν συνεχείᾳ κατόπιν τῶν ἀνωτέρω ἐγένετο συζήτησις καί ἐλήφθησαν σχετικαί ἀποφάσεις, αἱ ὁποῖαι θά ἀνακοινωθοῦν προσεχῶς. Αἱ ἁρμόδιαι ὑπηρεσίαι ἐπελήφθησαν τοῦ ζητήματος καί ἀναμένεται ἡ ὁριστική ρύθμισις αὐτοῦ ἐντός τῶν προσεχῶν ἡμερῶν.

Η ΡΟΥΜΑΝΙΑ ΕΞΕΦΡΑΣΕ ΕΚ ΝΕΟΥ ΤΗΝ ΕΠΙΘΥΜΙΑΝ ΑΠΟΚΑΤΑΣΤΑΣΕΩΣ ΣΧΕΣΕΩΝ ΜΕΤΑ ΤΗΣ ΕΛΛΑΔΟΣ
ΘΑ ΕΠΑΝΑΠΑΤΡΙΣΘΟΥΝ ΚΑΙ ΑΛΛΟΙ 627 ΟΜΗΡΟΙ

Ἐγένετο ἐπίσημος δήλωσις ὅτι ἡ Ρουμανική κυβέρνησις ἐπιθυμεῖ τήν ἀποκατάστασιν τῶν διπλωματικῶν σχέσεων μετά τῆς Ἑλλάδος. Παραλλήλως θά ἐπαναπατρισθοῦν καί ἄλλοι 627 Ἕλληνες ὅμηροι.

ΠΑΡΑΔΟΣΙΣ ΟΜΗΡΩΝ

Ἐν συνεχείᾳ κατόπιν τῶν ἀνωτέρω ἐγένετο συζήτησις καί ἐλήφθησαν σχετικαί ἀποφάσεις, αἱ ὁποῖαι θά ἀνακοινωθοῦν προσεχῶς. Αἱ ἁρμόδιαι ὑπηρεσίαι ἐπελήφθησαν τοῦ ζητήματος καί ἀναμένεται ἡ ὁριστική ρύθμισις αὐτοῦ ἐντός τῶν προσεχῶν ἡμερῶν.

ΚΑΙ ΑΛΛΟΙ ΕΚ ΒΟΥΛΓΑΡΙΑΣ

Ἐν συνεχείᾳ κατόπιν τῶν ἀνωτέρω ἐγένετο συζήτησις καί ἐλήφθησαν σχετικαί ἀποφάσεις, αἱ ὁποῖαι θά ἀνακοινωθοῦν προσεχῶς. Αἱ ἁρμόδιαι ὑπηρεσίαι ἐπελήφθησαν τοῦ ζητήματος καί ἀναμένεται ἡ ὁριστική ρύθμισις αὐτοῦ ἐντός τῶν προσεχῶν ἡμερῶν.

ΒΙΑΙΟΤΑΤΗ ΕΠΙΘΕΣΙΣ ΤΟΥ κ. ΤΡΟΥΜΑΝ ΕΝΑΝΤΙΟΝ ΤΗΣ ΕΞΩΤΕΡΙΚΗΣ ΠΟΛΙΤΙΚΗΣ ΤΩΝ ΡΕΠΟΥΜΠΛΙΚΑΝΩΝ

ΟΥΑΣΙΓΚΤΩΝ, 18. («Ελ. ύπ.) — Ὁ τέως πρόεδρος Τρούμαν, ὁμιλῶν κατά τήν προεκλογικήν περιοδείαν του, ἐπετέθη βιαιότατα ἐναντίον τῆς ἐξωτερικῆς πολιτικῆς τῆς κυβερνήσεως τῶν ρεπουμπλικανῶν, τήν ὁποίαν ἐχαρακτήρισεν ὡς ἀσυνεπῆ.

Ἐν συνεχείᾳ κατόπιν τῶν ἀνωτέρω ἐγένετο συζήτησις καί ἐλήφθησαν σχετικαί ἀποφάσεις, αἱ ὁποῖαι θά ἀνακοινωθοῦν προσεχῶς. Αἱ ἁρμόδιαι ὑπηρεσίαι ἐπελήφθησαν τοῦ ζητήματος καί ἀναμένεται ἡ ὁριστική ρύθμισις αὐτοῦ ἐντός τῶν προσεχῶν ἡμερῶν.

ΣΤΡΑΤΙΩΤΙΚΗΝ ΒΟΗΘΕΙΑΝ ΕΧΕΙ ΑΝΑΓΚΗΝ ΜΟΝΟΝ ΤΩΡΑ Η ΕΛΛΑΣ, ΕΔΗΛΩΣΕ ΟΙ ΑΠΟΧΩΡΩΝ κ. ΜΠΑΡΡΟΥΣ
ΣΥΝΕΧΕΙΑ ΕΚ ΤΗΣ 1ης ΣΕΛΙΔΟΣ

Ὁ ἀποχωρῶν ἀρχηγός τῆς ἀμερικανικῆς οἰκονομικῆς ἀποστολῆς κ. Μπάρρους ἐδήλωσεν ὅτι ἡ Ἑλλάς ἔχει ἀνάγκην πρωτίστως στρατιωτικῆς βοηθείας, ἐνῷ ἡ οἰκονομία της ἔχει πλέον σταθεροποιηθῆ. Ἐξῆρε τάς προσπαθείας τῆς ἑλληνικῆς κυβερνήσεως.

Ἐν συνεχείᾳ κατόπιν τῶν ἀνωτέρω ἐγένετο συζήτησις καί ἐλήφθησαν σχετικαί ἀποφάσεις, αἱ ὁποῖαι θά ἀνακοινωθοῦν προσεχῶς. Αἱ ἁρμόδιαι ὑπηρεσίαι ἐπελήφθησαν τοῦ ζητήματος καί ἀναμένεται ἡ ὁριστική ρύθμισις αὐτοῦ ἐντός τῶν προσεχῶν ἡμερῶν.

Ὁ ἀποχωρῶν ἀρχηγός τῆς ἀμερικανικῆς οἰκονομικῆς ἀποστολῆς κ. Μπάρρους ἐδήλωσεν ὅτι ἡ Ἑλλάς ἔχει ἀνάγκην πρωτίστως στρατιωτικῆς βοηθείας, ἐνῷ ἡ οἰκονομία της ἔχει πλέον σταθεροποιηθῆ. Ἐξῆρε τάς προσπαθείας τῆς ἑλληνικῆς κυβερνήσεως.

ΣΥΝΕΧΙΖΟΝΤΑΙ ΑΙ ΑΝΑΚΡΙΣΕΙΣ ΔΙΑ ΤΗΝ ΠΑΡΑΚΟΛΟΥΘΗΣΙΝ ΤΟΥ κ. ΠΑΝΟΠΟΥΛΟΥ ΥΠΟ ΠΡΟΣΩΠΩΝ ΑΣΤΥΦΥΛΑΚΩΝ

Ὁ ἀνακριτής τῶν Ἀθηνῶν συνεχίζει τάς ἀνακρίσεις διά τήν ὑπόθεσιν τῆς παρακολουθήσεως τοῦ κ. Παναγιώτου Πανοπούλου ὑπό προσώπων ἐνδεδυμένων στολήν ἀστυφυλάκων. Ἐξητάσθησαν χθές ὡς μάρτυρες πλεῖστοι ἀξιωματικοί τῆς ἀστυνομίας καί ὁ κ. Πανόπουλος, ὁ ὁποῖος ἐπανέλαβε τάς καταγγελίας του. Ἡ ἀνάκρισις θά συνεχισθῇ καί σήμερον.

Ἐν συνεχείᾳ κατόπιν τῶν ἀνωτέρω ἐγένετο συζήτησις καί ἐλήφθησαν σχετικαί ἀποφάσεις, αἱ ὁποῖαι θά ἀνακοινωθοῦν προσεχῶς. Αἱ ἁρμόδιαι ὑπηρεσίαι ἐπελήφθησαν τοῦ ζητήματος καί ἀναμένεται ἡ ὁριστική ρύθμισις αὐτοῦ ἐντός τῶν προσεχῶν ἡμερῶν.

Ὁ ἀνακριτής τῶν Ἀθηνῶν συνεχίζει τάς ἀνακρίσεις διά τήν ὑπόθεσιν τῆς παρακολουθήσεως τοῦ κ. Παναγιώτου Πανοπούλου ὑπό προσώπων ἐνδεδυμένων στολήν ἀστυφυλάκων. Ἐξητάσθησαν χθές ὡς μάρτυρες πλεῖστοι ἀξιωματικοί τῆς ἀστυνομίας καί ὁ κ. Πανόπουλος, ὁ ὁποῖος ἐπανέλαβε τάς καταγγελίας του. Ἡ ἀνάκρισις θά συνεχισθῇ καί σήμερον.

Ἐν συνεχείᾳ κατόπιν τῶν ἀνωτέρω ἐγένετο συζήτησις καί ἐλήφθησαν σχετικαί ἀποφάσεις, αἱ ὁποῖαι θά ἀνακοινωθοῦν προσεχῶς. Αἱ ἁρμόδιαι ὑπηρεσίαι ἐπελήφθησαν τοῦ ζητήματος καί ἀναμένεται ἡ ὁριστική ρύθμισις αὐτοῦ ἐντός τῶν προσεχῶν ἡμερῶν.

ΝΗΠΙΑΓΩΓΕΙΟΝ ΕΚ ΒΡΕΤΑΝΝΙΚΗΣ ΔΩΡΕΑΣ

Κατά δωρεάν τῆς βρεταννικῆς κυβερνήσεως ἱδρύεται νηπιαγωγεῖον εἰς τήν συνοικίαν Καλλιθέας, τό ὁποῖον θά ἐγκαινιασθῇ προσεχῶς παρουσίᾳ τῶν ἀρχῶν.

Ο ΚΑΙΡΟΣ

Κατά πρόγνωσιν τῆς Μετεωρολογικῆς Ὑπηρεσίας ὁ καιρός σήμερον θά εἶναι καλός μέ νεφώσεις κατά διαστήματα. Ἄνεμοι βόρειοι μέτριοι. Θερμοκρασία ἀμετάβλητος. Χθές ἡ μεγίστη θερμοκρασία ἀνῆλθεν εἰς 23,2 καί ἡ ἐλαχίστη εἰς 15,8 βαθμούς.
